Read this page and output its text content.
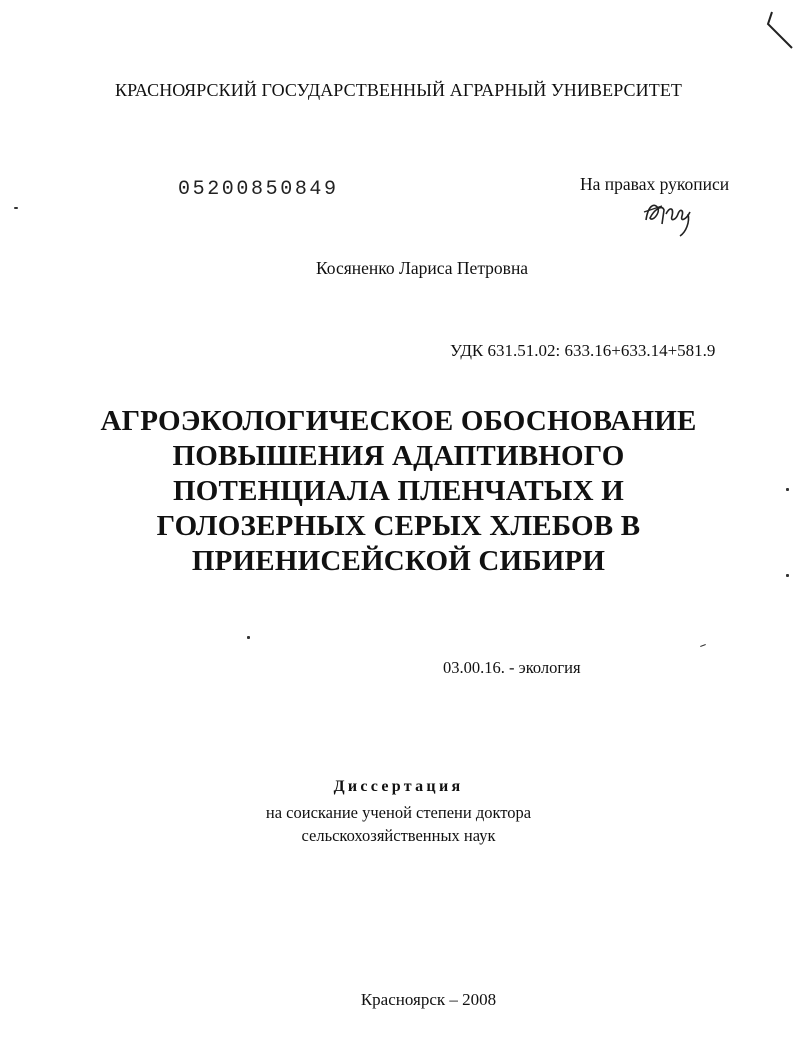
КРАСНОЯРСКИЙ ГОСУДАРСТВЕННЫЙ АГРАРНЫЙ УНИВЕРСИТЕТ
05200850849	На правах рукописи
Косяненко Лариса Петровна
УДК 631.51.02: 633.16+633.14+581.9
АГРОЭКОЛОГИЧЕСКОЕ ОБОСНОВАНИЕ
ПОВЫШЕНИЯ АДАПТИВНОГО
ПОТЕНЦИАЛА ПЛЕНЧАТЫХ И
ГОЛОЗЕРНЫХ СЕРЫХ ХЛЕБОВ В
ПРИЕНИСЕЙСКОЙ СИБИРИ
03.00.16. - экология
Диссертация
на соискание ученой степени доктора
сельскохозяйственных наук
Красноярск – 2008
